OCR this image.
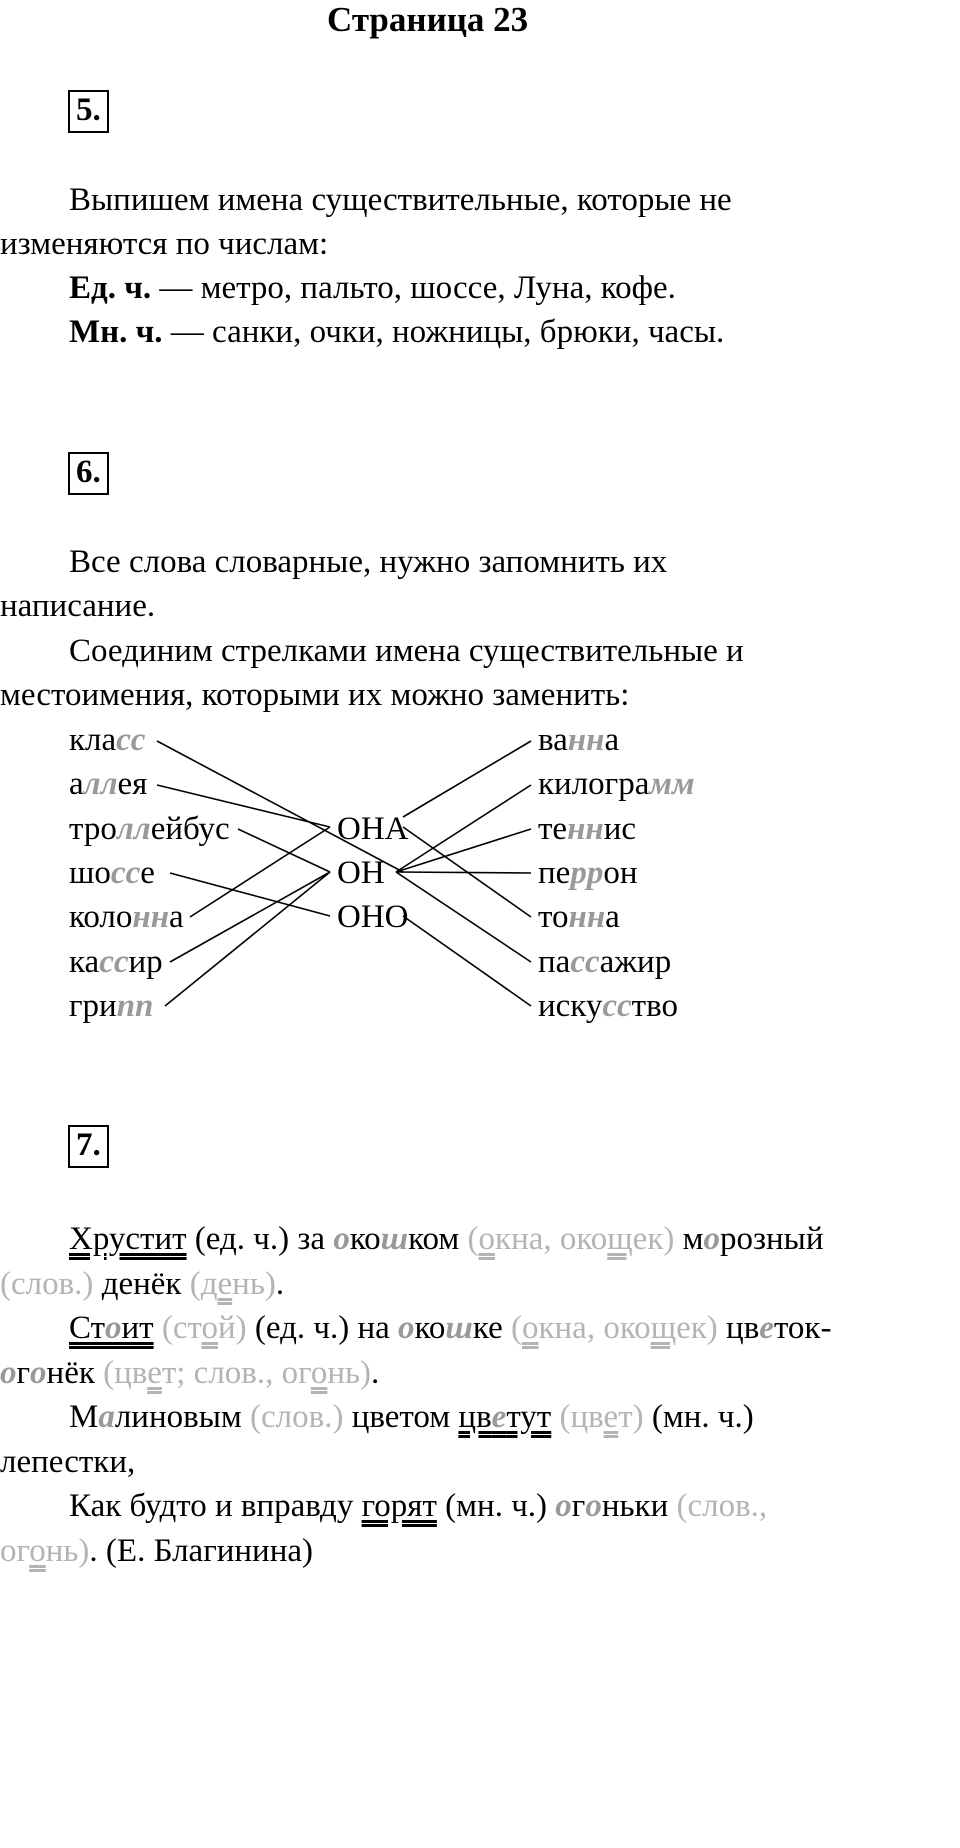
Страница 23
5.
Выпишем имена существительные, которые не
изменяются по числам:
Ед. ч. — метро, пальто, шоссе, Луна, кофе.
Мн. ч. — санки, очки, ножницы, брюки, часы.
6.
Все слова словарные, нужно запомнить их
написание.
Соединим стрелками имена существительные и
местоимения, которыми их можно заменить:
класс
аллея
троллейбус
шоссе
колонна
кассир
грипп
ОНА
ОН
ОНО
ванна
килограмм
теннис
перрон
тонна
пассажир
искусство
7.
Хрустит (ед. ч.) за окошком (окна, окощек) морозный
(слов.) денёк (день).
Стоит (стой) (ед. ч.) на окошке (окна, окощек) цветок-
огонёк (цвет; слов., огонь).
Малиновым (слов.) цветом цветут (цвет) (мн. ч.)
лепестки,
Как будто и вправду горят (мн. ч.) огоньки (слов.,
огонь). (Е. Благинина)
